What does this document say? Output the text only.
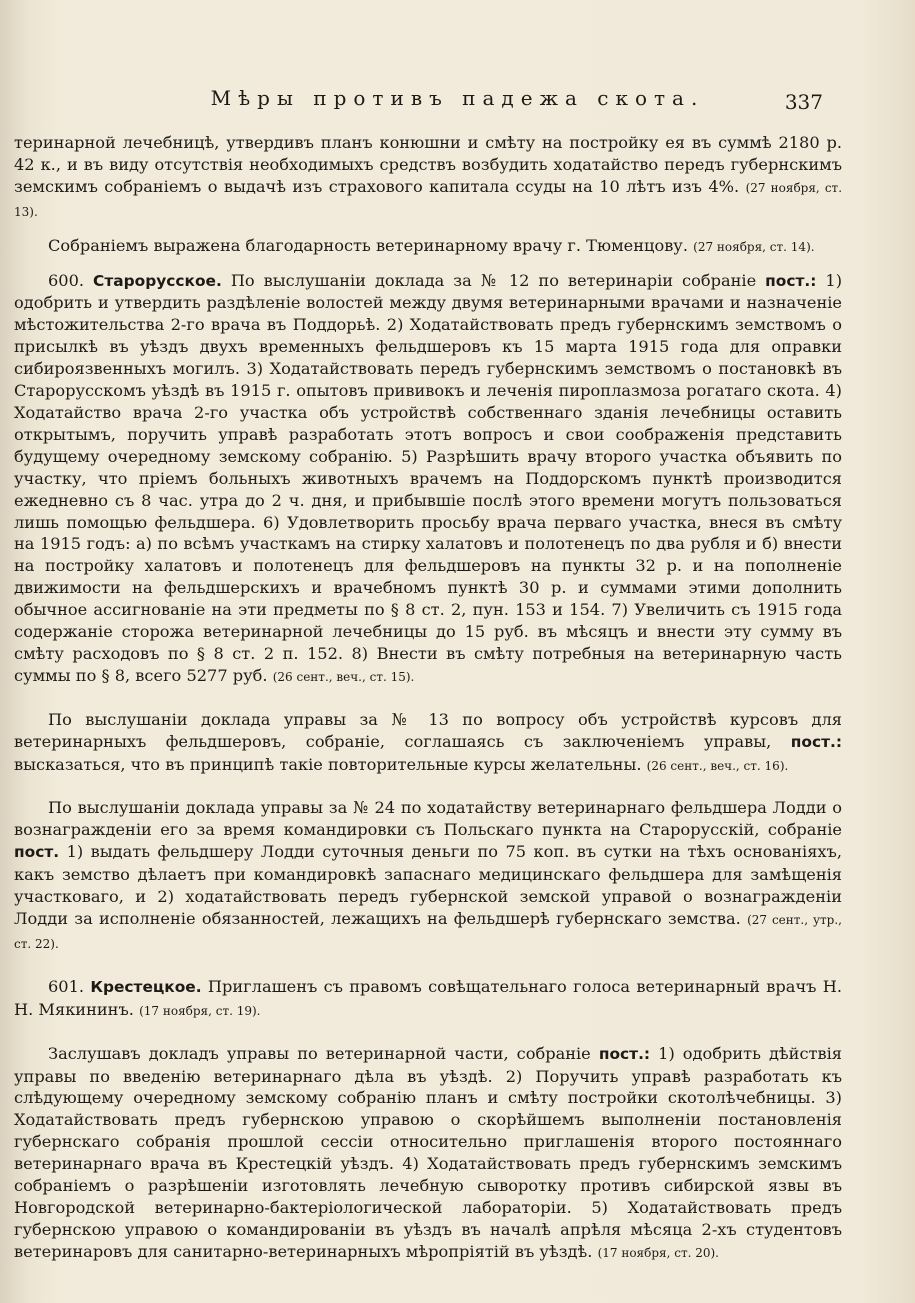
Мѣры противъ падежа скота.	337

теринарной лечебницѣ, утвердивъ планъ конюшни и смѣту на постройку ея въ суммѣ 2180 р. 42 к., и въ виду отсутствія необходимыхъ средствъ возбудить ходатайство передъ губернскимъ земскимъ собраніемъ о выдачѣ изъ страхового капитала ссуды на 10 лѣтъ изъ 4%. (27 ноября, ст. 13).

Собраніемъ выражена благодарность ветеринарному врачу г. Тюменцову. (27 ноября, ст. 14).

600. Старорусское. По выслушаніи доклада за № 12 по ветеринаріи собраніе пост.: 1) одобрить и утвердить раздѣленіе волостей между двумя ветеринарными врачами и назначеніе мѣстожительства 2-го врача въ Поддорьѣ. 2) Ходатайствовать предъ губернскимъ земствомъ о присылкѣ въ уѣздъ двухъ временныхъ фельдшеровъ къ 15 марта 1915 года для оправки сибироязвенныхъ могилъ. 3) Ходатайствовать передъ губернскимъ земствомъ о постановкѣ въ Старорусскомъ уѣздѣ въ 1915 г. опытовъ прививокъ и леченія пироплазмоза рогатаго скота. 4) Ходатайство врача 2-го участка объ устройствѣ собственнаго зданія лечебницы оставить открытымъ, поручить управѣ разработать этотъ вопросъ и свои соображенія представить будущему очередному земскому собранію. 5) Разрѣшить врачу второго участка объявить по участку, что пріемъ больныхъ животныхъ врачемъ на Поддорскомъ пунктѣ производится ежедневно съ 8 час. утра до 2 ч. дня, и прибывшіе послѣ этого времени могутъ пользоваться лишь помощью фельдшера. 6) Удовлетворить просьбу врача перваго участка, внеся въ смѣту на 1915 годъ: а) по всѣмъ участкамъ на стирку халатовъ и полотенецъ по два рубля и б) внести на постройку халатовъ и полотенецъ для фельдшеровъ на пункты 32 р. и на пополненіе движимости на фельдшерскихъ и врачебномъ пунктѣ 30 р. и суммами этими дополнить обычное ассигнованіе на эти предметы по § 8 ст. 2, пун. 153 и 154. 7) Увеличить съ 1915 года содержаніе сторожа ветеринарной лечебницы до 15 руб. въ мѣсяцъ и внести эту сумму въ смѣту расходовъ по § 8 ст. 2 п. 152. 8) Внести въ смѣту потребныя на ветеринарную часть суммы по § 8, всего 5277 руб. (26 сент., веч., ст. 15).

По выслушаніи доклада управы за № 13 по вопросу объ устройствѣ курсовъ для ветеринарныхъ фельдшеровъ, собраніе, соглашаясь съ заключеніемъ управы, пост.: высказаться, что въ принципѣ такіе повторительные курсы желательны. (26 сент., веч., ст. 16).

По выслушаніи доклада управы за № 24 по ходатайству ветеринарнаго фельдшера Лодди о вознагражденіи его за время командировки съ Польскаго пункта на Старорусскій, собраніе пост. 1) выдать фельдшеру Лодди суточныя деньги по 75 коп. въ сутки на тѣхъ основаніяхъ, какъ земство дѣлаетъ при командировкѣ запаснаго медицинскаго фельдшера для замѣщенія участковаго, и 2) ходатайствовать передъ губернской земской управой о вознагражденіи Лодди за исполненіе обязанностей, лежащихъ на фельдшерѣ губернскаго земства. (27 сент., утр., ст. 22).

601. Крестецкое. Приглашенъ съ правомъ совѣщательнаго голоса ветеринарный врачъ Н. Н. Мякининъ. (17 ноября, ст. 19).

Заслушавъ докладъ управы по ветеринарной части, собраніе пост.: 1) одобрить дѣйствія управы по введенію ветеринарнаго дѣла въ уѣздѣ. 2) Поручить управѣ разработать къ слѣдующему очередному земскому собранію планъ и смѣту постройки скотолѣчебницы. 3) Ходатайствовать предъ губернскою управою о скорѣйшемъ выполненіи постановленія губернскаго собранія прошлой сессіи относительно приглашенія второго постояннаго ветеринарнаго врача въ Крестецкій уѣздъ. 4) Ходатайствовать предъ губернскимъ земскимъ собраніемъ о разрѣшеніи изготовлять лечебную сыворотку противъ сибирской язвы въ Новгородской ветеринарно-бактеріологической лабораторіи. 5) Ходатайствовать предъ губернскою управою о командированіи въ уѣздъ въ началѣ апрѣля мѣсяца 2-хъ студентовъ ветеринаровъ для санитарно-ветеринарныхъ мѣропріятій въ уѣздѣ. (17 ноября, ст. 20).
